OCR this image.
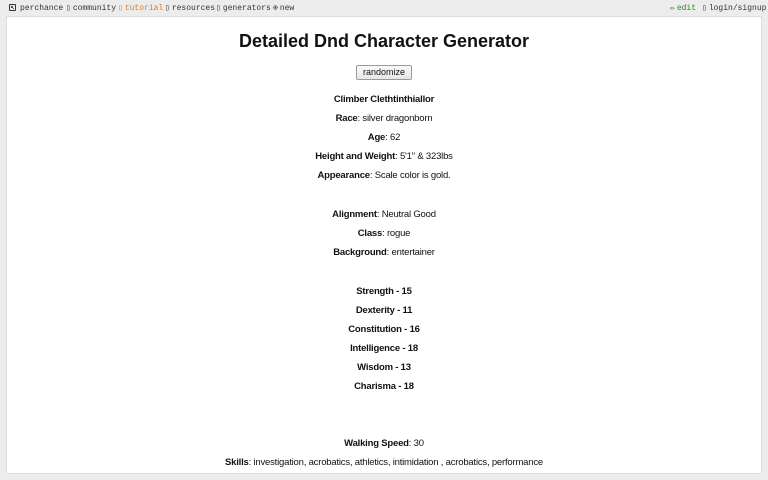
perchance ▯ community ▯ tutorial ▯ resources ▯ generators ⊕ new	✏ edit ▯ login/signup
Detailed Dnd Character Generator
randomize
Climber Clethtinthiallor
Race: silver dragonborn
Age: 62
Height and Weight: 5'1" & 323lbs
Appearance: Scale color is gold.
Alignment: Neutral Good
Class: rogue
Background: entertainer
Strength - 15
Dexterity - 11
Constitution - 16
Intelligence - 18
Wisdom - 13
Charisma - 18
Walking Speed: 30
Skills: investigation, acrobatics, athletics, intimidation , acrobatics, performance
